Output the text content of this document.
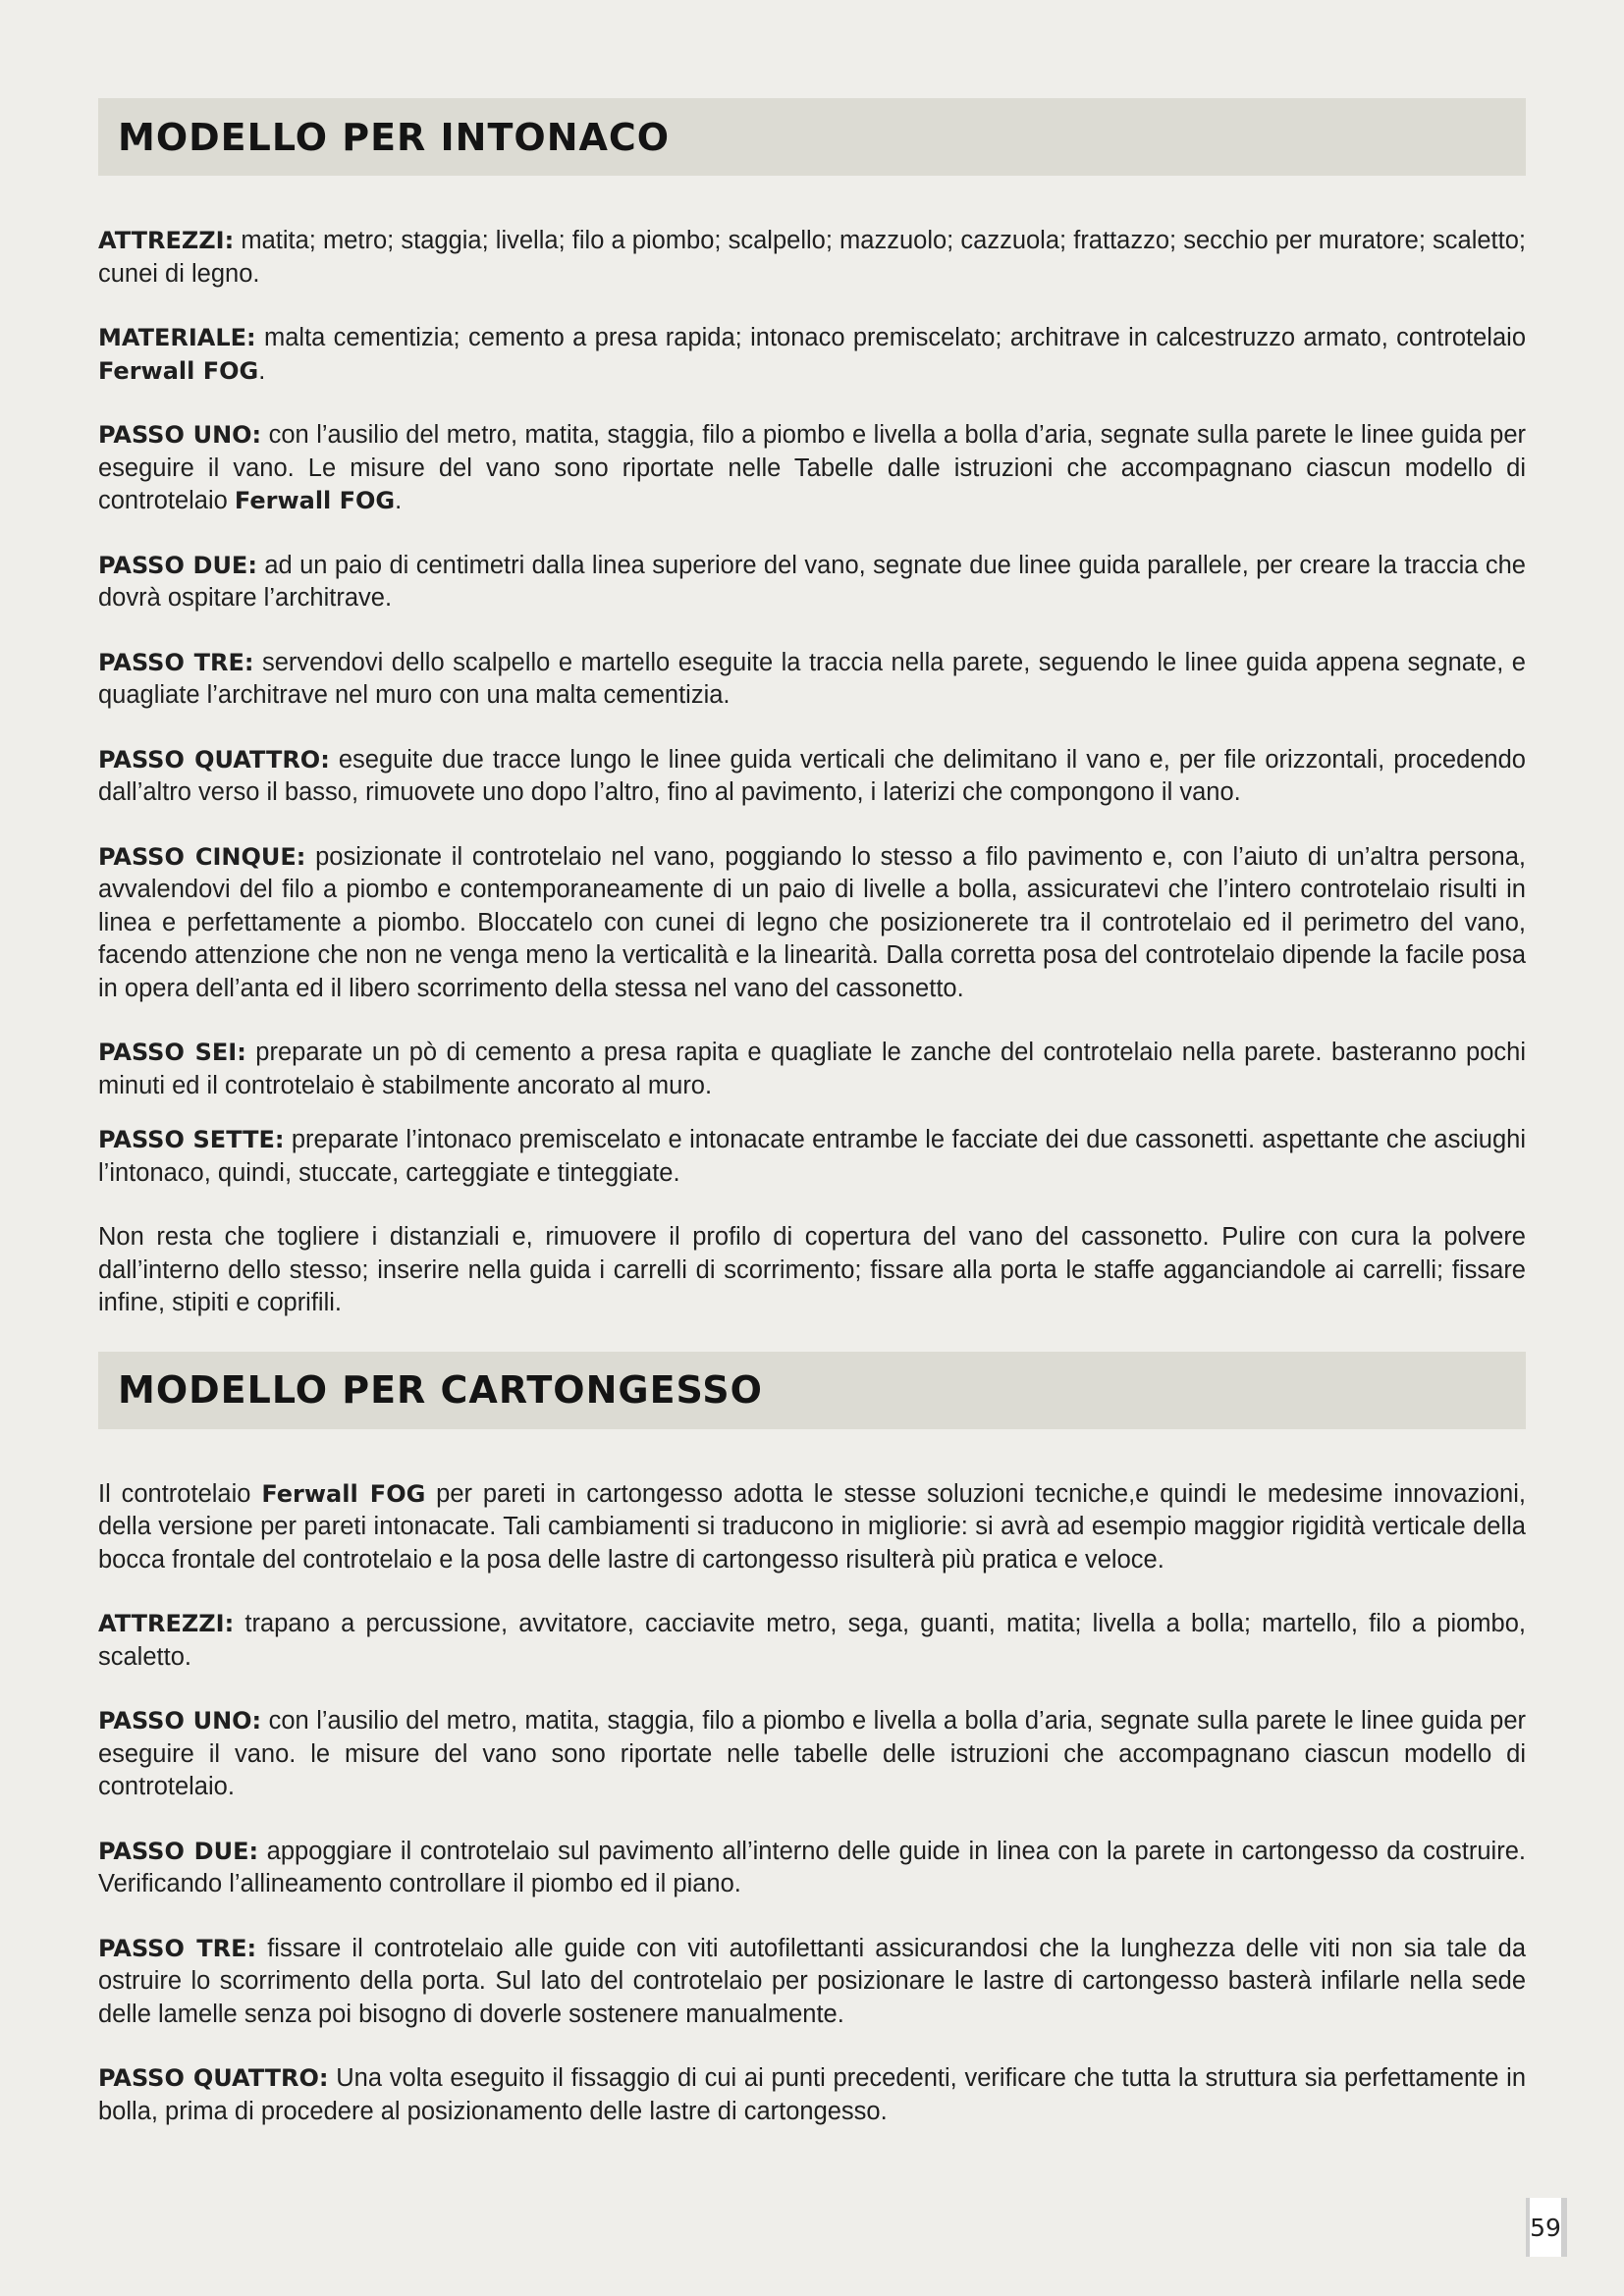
MODELLO PER INTONACO

ATTREZZI: matita; metro; staggia; livella; filo a piombo; scalpello; mazzuolo; cazzuola; frattazzo; secchio per muratore; scaletto; cunei di legno.

MATERIALE: malta cementizia; cemento a presa rapida; intonaco premiscelato; architrave in calcestruzzo armato, controtelaio Ferwall FOG.

PASSO UNO: con l’ausilio del metro, matita, staggia, filo a piombo e livella a bolla d’aria, segnate sulla parete le linee guida per eseguire il vano. Le misure del vano sono riportate nelle Tabelle dalle istruzioni che accompagnano ciascun modello di controtelaio Ferwall FOG.

PASSO DUE: ad un paio di centimetri dalla linea superiore del vano, segnate due linee guida parallele, per creare la traccia che dovrà ospitare l’architrave.

PASSO TRE: servendovi dello scalpello e martello eseguite la traccia nella parete, seguendo le linee guida appena segnate, e quagliate l’architrave nel muro con una malta cementizia.

PASSO QUATTRO: eseguite due tracce lungo le linee guida verticali che delimitano il vano e, per file orizzontali, procedendo dall’altro verso il basso, rimuovete uno dopo l’altro, fino al pavimento, i laterizi che compongono il vano.

PASSO CINQUE: posizionate il controtelaio nel vano, poggiando lo stesso a filo pavimento e, con l’aiuto di un’altra persona, avvalendovi del filo a piombo e contemporaneamente di un paio di livelle a bolla, assicuratevi che l’intero controtelaio risulti in linea e perfettamente a piombo. Bloccatelo con cunei di legno che posizionerete tra il controtelaio ed il perimetro del vano, facendo attenzione che non ne venga meno la verticalità e la linearità. Dalla corretta posa del controtelaio dipende la facile posa in opera dell’anta ed il libero scorrimento della stessa nel vano del cassonetto.

PASSO SEI: preparate un pò di cemento a presa rapita e quagliate le zanche del controtelaio nella parete. basteranno pochi minuti ed il controtelaio è stabilmente ancorato al muro.

PASSO SETTE: preparate l’intonaco premiscelato e intonacate entrambe le facciate dei due cassonetti. aspettante che asciughi l’intonaco, quindi, stuccate, carteggiate e tinteggiate.

Non resta che togliere i distanziali e, rimuovere il profilo di copertura del vano del cassonetto. Pulire con cura la polvere dall’interno dello stesso; inserire nella guida i carrelli di scorrimento; fissare alla porta le staffe agganciandole ai carrelli; fissare infine, stipiti e coprifili.

MODELLO PER CARTONGESSO

Il controtelaio Ferwall FOG per pareti in cartongesso adotta le stesse soluzioni tecniche,e quindi le medesime innovazioni, della versione per pareti intonacate. Tali cambiamenti si traducono in migliorie: si avrà ad esempio maggior rigidità verticale della bocca frontale del controtelaio e la posa delle lastre di cartongesso risulterà più pratica e veloce.

ATTREZZI: trapano a percussione, avvitatore, cacciavite metro, sega, guanti, matita; livella a bolla; martello, filo a piombo, scaletto.

PASSO UNO: con l’ausilio del metro, matita, staggia, filo a piombo e livella a bolla d’aria, segnate sulla parete le linee guida per eseguire il vano. le misure del vano sono riportate nelle tabelle delle istruzioni che accompagnano ciascun modello di controtelaio.

PASSO DUE: appoggiare il controtelaio sul pavimento all’interno delle guide in linea con la parete in cartongesso da costruire. Verificando l’allineamento controllare il piombo ed il piano.

PASSO TRE: fissare il controtelaio alle guide con viti autofilettanti assicurandosi che la lunghezza delle viti non sia tale da ostruire lo scorrimento della porta. Sul lato del controtelaio per posizionare le lastre di cartongesso basterà infilarle nella sede delle lamelle senza poi bisogno di doverle sostenere manualmente.

PASSO QUATTRO: Una volta eseguito il fissaggio di cui ai punti precedenti, verificare che tutta la struttura sia perfettamente in bolla, prima di procedere al posizionamento delle lastre di cartongesso.

59
